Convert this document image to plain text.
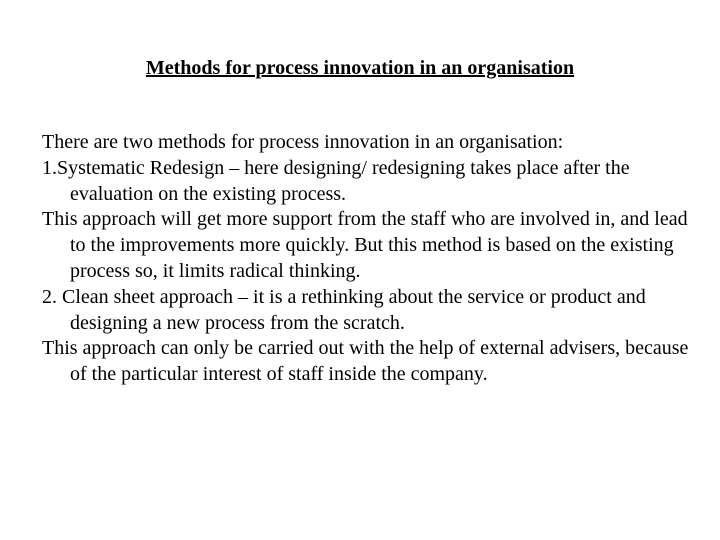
Methods for process innovation in an organisation

There are two methods for process innovation in an organisation:

1.Systematic Redesign – here designing/ redesigning takes place after the evaluation on the existing process.

This approach will get more support from the staff who are involved in, and lead to the improvements more quickly. But this method is based on the existing process so, it limits radical thinking.

2. Clean sheet approach – it is a rethinking about the service or product and designing a new process from the scratch.

This approach can only be carried out with the help of external advisers, because of the particular interest of staff inside the company.
